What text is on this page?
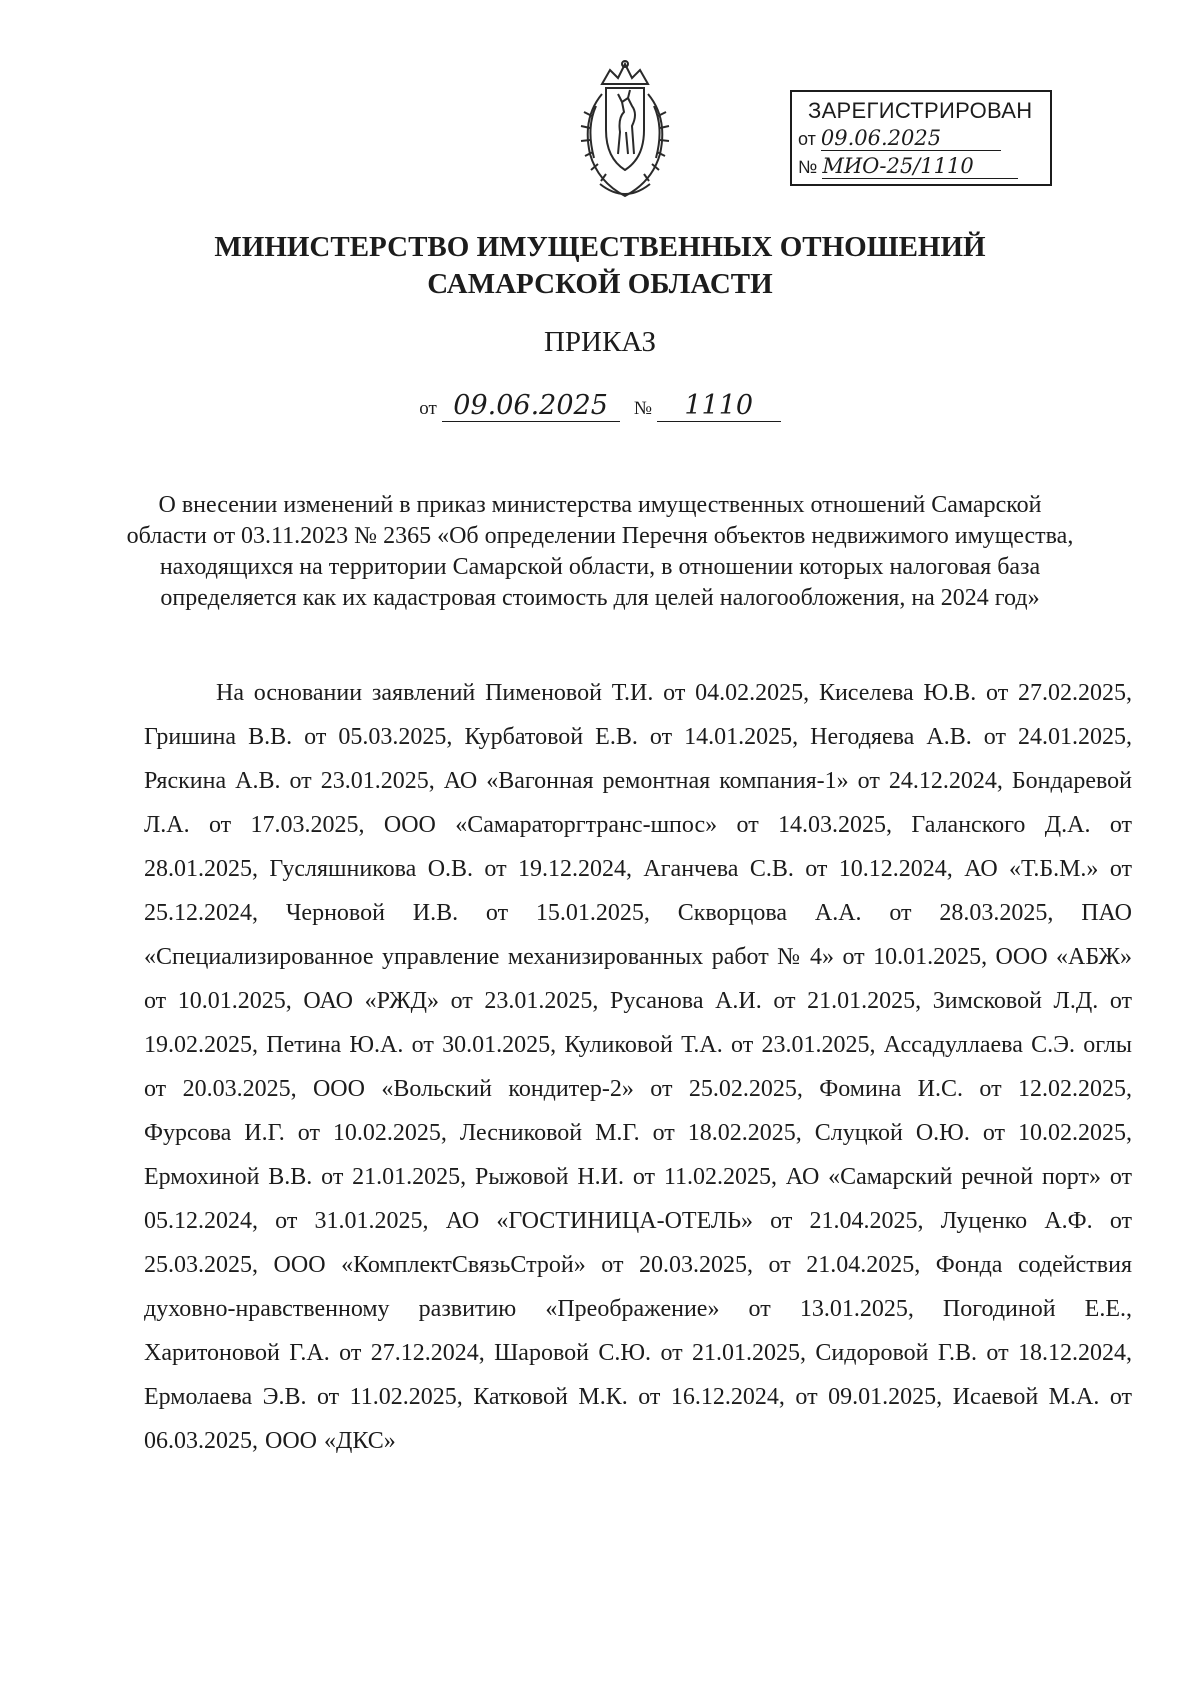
ЗАРЕГИСТРИРОВАН
от 09.06.2025
№ МИО-25/1110
МИНИСТЕРСТВО ИМУЩЕСТВЕННЫХ ОТНОШЕНИЙ
САМАРСКОЙ ОБЛАСТИ
ПРИКАЗ
от 09.06.2025 № 1110
О внесении изменений в приказ министерства имущественных отношений Самарской области от 03.11.2023 № 2365 «Об определении Перечня объектов недвижимого имущества, находящихся на территории Самарской области, в отношении которых налоговая база определяется как их кадастровая стоимость для целей налогообложения, на 2024 год»
На основании заявлений Пименовой Т.И. от 04.02.2025, Киселева Ю.В. от 27.02.2025, Гришина В.В. от 05.03.2025, Курбатовой Е.В. от 14.01.2025, Негодяева А.В. от 24.01.2025, Ряскина А.В. от 23.01.2025, АО «Вагонная ремонтная компания-1» от 24.12.2024, Бондаревой Л.А. от 17.03.2025, ООО «Самараторгтранс-шпос» от 14.03.2025, Галанского Д.А. от 28.01.2025, Гусляшникова О.В. от 19.12.2024, Аганчева С.В. от 10.12.2024, АО «Т.Б.М.» от 25.12.2024, Черновой И.В. от 15.01.2025, Скворцова А.А. от 28.03.2025, ПАО «Специализированное управление механизированных работ № 4» от 10.01.2025, ООО «АБЖ» от 10.01.2025, ОАО «РЖД» от 23.01.2025, Русанова А.И. от 21.01.2025, Зимсковой Л.Д. от 19.02.2025, Петина Ю.А. от 30.01.2025, Куликовой Т.А. от 23.01.2025, Ассадуллаева С.Э. оглы от 20.03.2025, ООО «Вольский кондитер-2» от 25.02.2025, Фомина И.С. от 12.02.2025, Фурсова И.Г. от 10.02.2025, Лесниковой М.Г. от 18.02.2025, Слуцкой О.Ю. от 10.02.2025, Ермохиной В.В. от 21.01.2025, Рыжовой Н.И. от 11.02.2025, АО «Самарский речной порт» от 05.12.2024, от 31.01.2025, АО «ГОСТИНИЦА-ОТЕЛЬ» от 21.04.2025, Луценко А.Ф. от 25.03.2025, ООО «КомплектСвязьСтрой» от 20.03.2025, от 21.04.2025, Фонда содействия духовно-нравственному развитию «Преображение» от 13.01.2025, Погодиной Е.Е., Харитоновой Г.А. от 27.12.2024, Шаровой С.Ю. от 21.01.2025, Сидоровой Г.В. от 18.12.2024, Ермолаева Э.В. от 11.02.2025, Катковой М.К. от 16.12.2024, от 09.01.2025, Исаевой М.А. от 06.03.2025, ООО «ДКС»
